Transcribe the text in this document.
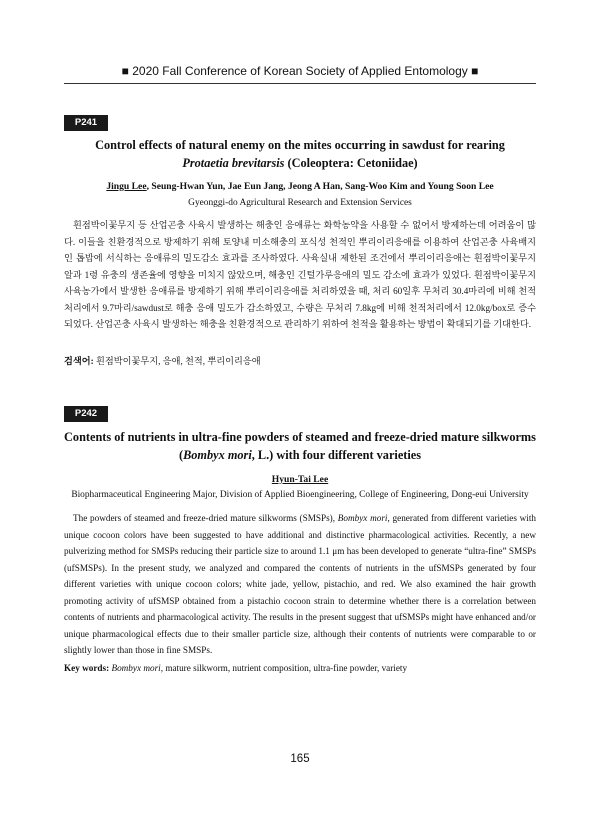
■ 2020 Fall Conference of Korean Society of Applied Entomology ■
P241
Control effects of natural enemy on the mites occurring in sawdust for rearing
Protaetia brevitarsis (Coleoptera: Cetoniidae)
Jingu Lee, Seung-Hwan Yun, Jae Eun Jang, Jeong A Han, Sang-Woo Kim and Young Soon Lee
Gyeonggi-do Agricultural Research and Extension Services

흰점박이꽃무지 등 산업곤충 사육시 발생하는 해충인 응애류는 화학농약을 사용할 수 없어서 방제하는데 어려움이 많다. 이들을 친환경적으로 방제하기 위해 토양내 미소해충의 포식성 천적인 뿌리이리응애를 이용하여 산업곤충 사육배지인 톱밥에 서식하는 응애류의 밀도감소 효과를 조사하였다. 사육실내 제한된 조건에서 뿌리이리응애는 흰점박이꽃무지 알과 1령 유충의 생존율에 영향을 미치지 않았으며, 해충인 긴털가루응애의 밀도 감소에 효과가 있었다. 흰점박이꽃무지 사육농가에서 발생한 응애류를 방제하기 위해 뿌리이리응애를 처리하였을 때, 처리 60일후 무처리 30.4마리에 비해 천적처리에서 9.7마리/sawdust로 해충 응애 밀도가 감소하였고, 수량은 무처리 7.8kg에 비해 천적처리에서 12.0kg/box로 증수되었다. 산업곤충 사육시 발생하는 해충을 친환경적으로 관리하기 위하여 천적을 활용하는 방법이 확대되기를 기대한다.

검색어: 흰점박이꽃무지, 응애, 천적, 뿌리이리응애
P242
Contents of nutrients in ultra-fine powders of steamed and freeze-dried mature silkworms
(Bombyx mori, L.) with four different varieties
Hyun-Tai Lee
Biopharmaceutical Engineering Major, Division of Applied Bioengineering, College of Engineering, Dong-eui University

The powders of steamed and freeze-dried mature silkworms (SMSPs), Bombyx mori, generated from different varieties with unique cocoon colors have been suggested to have additional and distinctive pharmacological activities. Recently, a new pulverizing method for SMSPs reducing their particle size to around 1.1 μm has been developed to generate “ultra-fine” SMSPs (ufSMSPs). In the present study, we analyzed and compared the contents of nutrients in the ufSMSPs generated by four different varieties with unique cocoon colors; white jade, yellow, pistachio, and red. We also examined the hair growth promoting activity of ufSMSP obtained from a pistachio cocoon strain to determine whether there is a correlation between contents of nutrients and pharmacological activity. The results in the present suggest that ufSMSPs might have enhanced and/or unique pharmacological effects due to their smaller particle size, although their contents of nutrients were comparable to or slightly lower than those in fine SMSPs.

Key words: Bombyx mori, mature silkworm, nutrient composition, ultra-fine powder, variety
165
